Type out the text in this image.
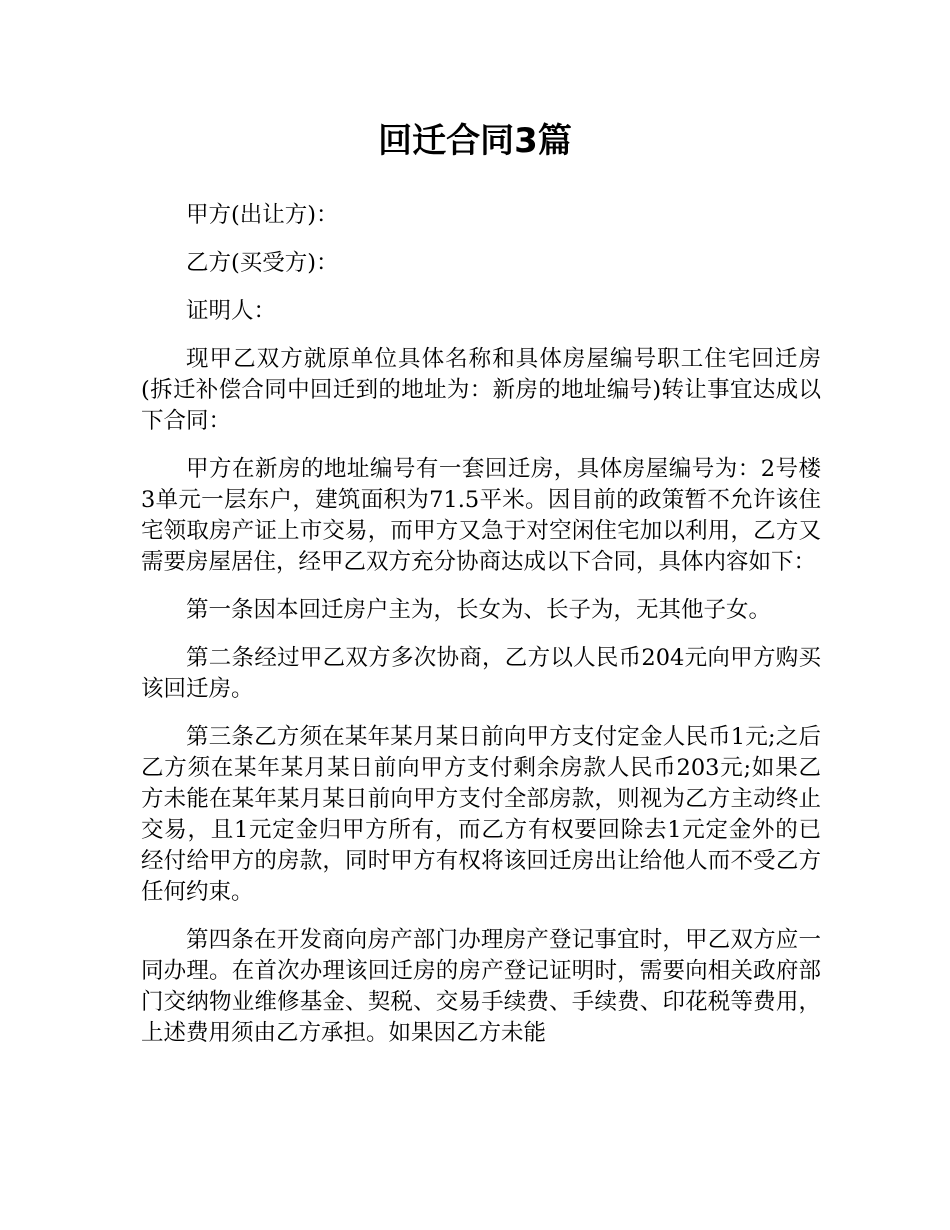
回迁合同3篇

甲方(出让方)：

乙方(买受方)：

证明人：

现甲乙双方就原单位具体名称和具体房屋编号职工住宅回迁房(拆迁补偿合同中回迁到的地址为：新房的地址编号)转让事宜达成以下合同：

甲方在新房的地址编号有一套回迁房，具体房屋编号为：2号楼3单元一层东户，建筑面积为71.5平米。因目前的政策暂不允许该住宅领取房产证上市交易，而甲方又急于对空闲住宅加以利用，乙方又需要房屋居住，经甲乙双方充分协商达成以下合同，具体内容如下：

第一条因本回迁房户主为，长女为、长子为，无其他子女。

第二条经过甲乙双方多次协商，乙方以人民币204元向甲方购买该回迁房。

第三条乙方须在某年某月某日前向甲方支付定金人民币1元;之后乙方须在某年某月某日前向甲方支付剩余房款人民币203元;如果乙方未能在某年某月某日前向甲方支付全部房款，则视为乙方主动终止交易，且1元定金归甲方所有，而乙方有权要回除去1元定金外的已经付给甲方的房款，同时甲方有权将该回迁房出让给他人而不受乙方任何约束。

第四条在开发商向房产部门办理房产登记事宜时，甲乙双方应一同办理。在首次办理该回迁房的房产登记证明时，需要向相关政府部门交纳物业维修基金、契税、交易手续费、手续费、印花税等费用，上述费用须由乙方承担。如果因乙方未能
